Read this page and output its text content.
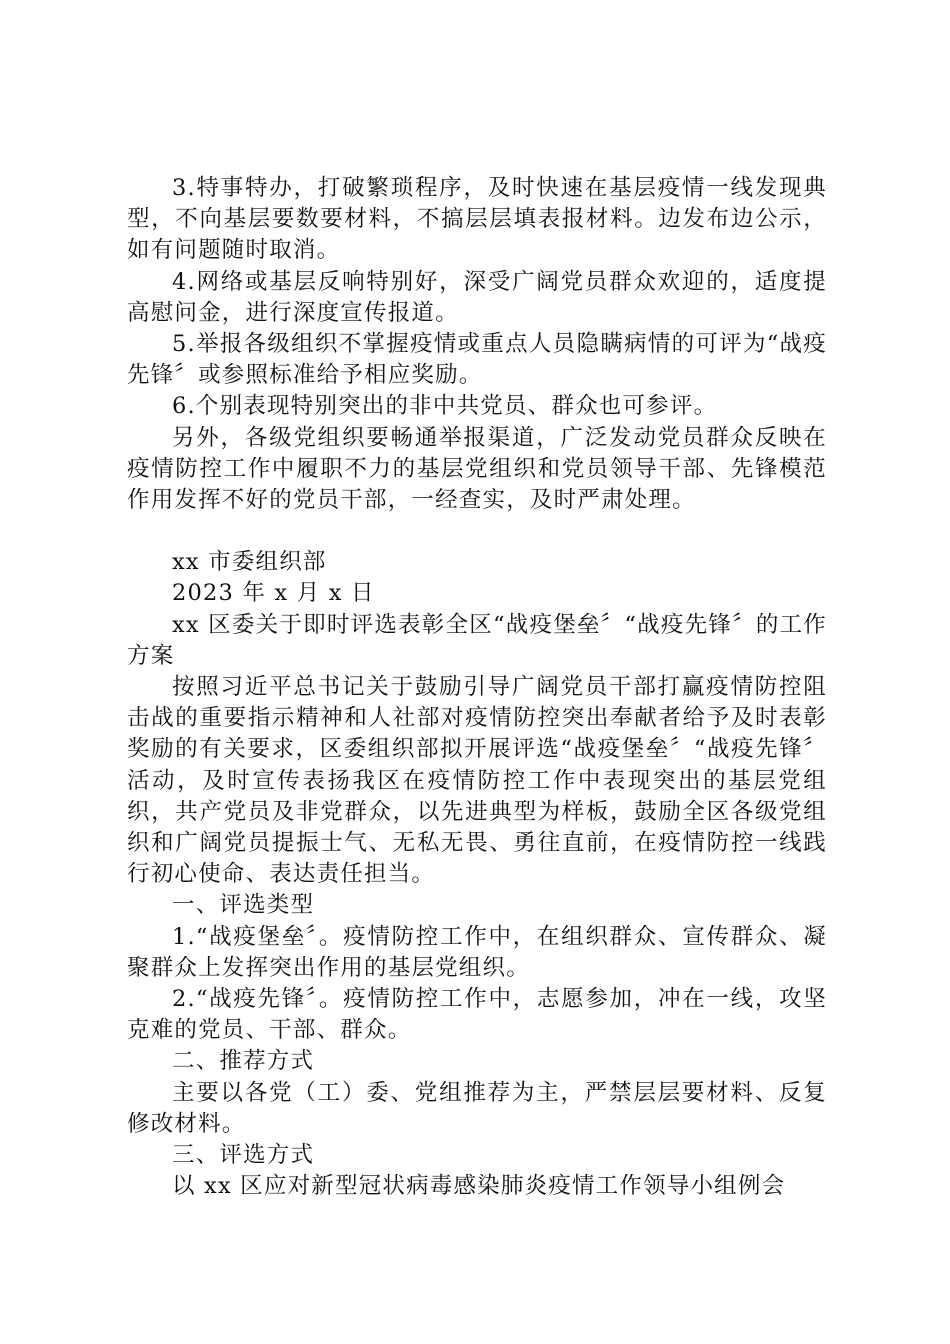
3.特事特办，打破繁琐程序，及时快速在基层疫情一线发现典型，不向基层要数要材料，不搞层层填表报材料。边发布边公示，如有问题随时取消。

4.网络或基层反响特别好，深受广阔党员群众欢迎的，适度提高慰问金，进行深度宣传报道。

5.举报各级组织不掌握疫情或重点人员隐瞒病情的可评为“战疫先锋〞或参照标准给予相应奖励。

6.个别表现特别突出的非中共党员、群众也可参评。

另外，各级党组织要畅通举报渠道，广泛发动党员群众反映在疫情防控工作中履职不力的基层党组织和党员领导干部、先锋模范作用发挥不好的党员干部，一经查实，及时严肃处理。

xx 市委组织部

2023 年 x 月 x 日

xx 区委关于即时评选表彰全区“战疫堡垒〞“战疫先锋〞的工作方案

按照习近平总书记关于鼓励引导广阔党员干部打赢疫情防控阻击战的重要指示精神和人社部对疫情防控突出奉献者给予及时表彰奖励的有关要求，区委组织部拟开展评选“战疫堡垒〞“战疫先锋〞活动，及时宣传表扬我区在疫情防控工作中表现突出的基层党组织，共产党员及非党群众，以先进典型为样板，鼓励全区各级党组织和广阔党员提振士气、无私无畏、勇往直前，在疫情防控一线践行初心使命、表达责任担当。

一、评选类型

1.“战疫堡垒〞。疫情防控工作中，在组织群众、宣传群众、凝聚群众上发挥突出作用的基层党组织。

2.“战疫先锋〞。疫情防控工作中，志愿参加，冲在一线，攻坚克难的党员、干部、群众。

二、推荐方式

主要以各党（工）委、党组推荐为主，严禁层层要材料、反复修改材料。

三、评选方式

以 xx 区应对新型冠状病毒感染肺炎疫情工作领导小组例会
